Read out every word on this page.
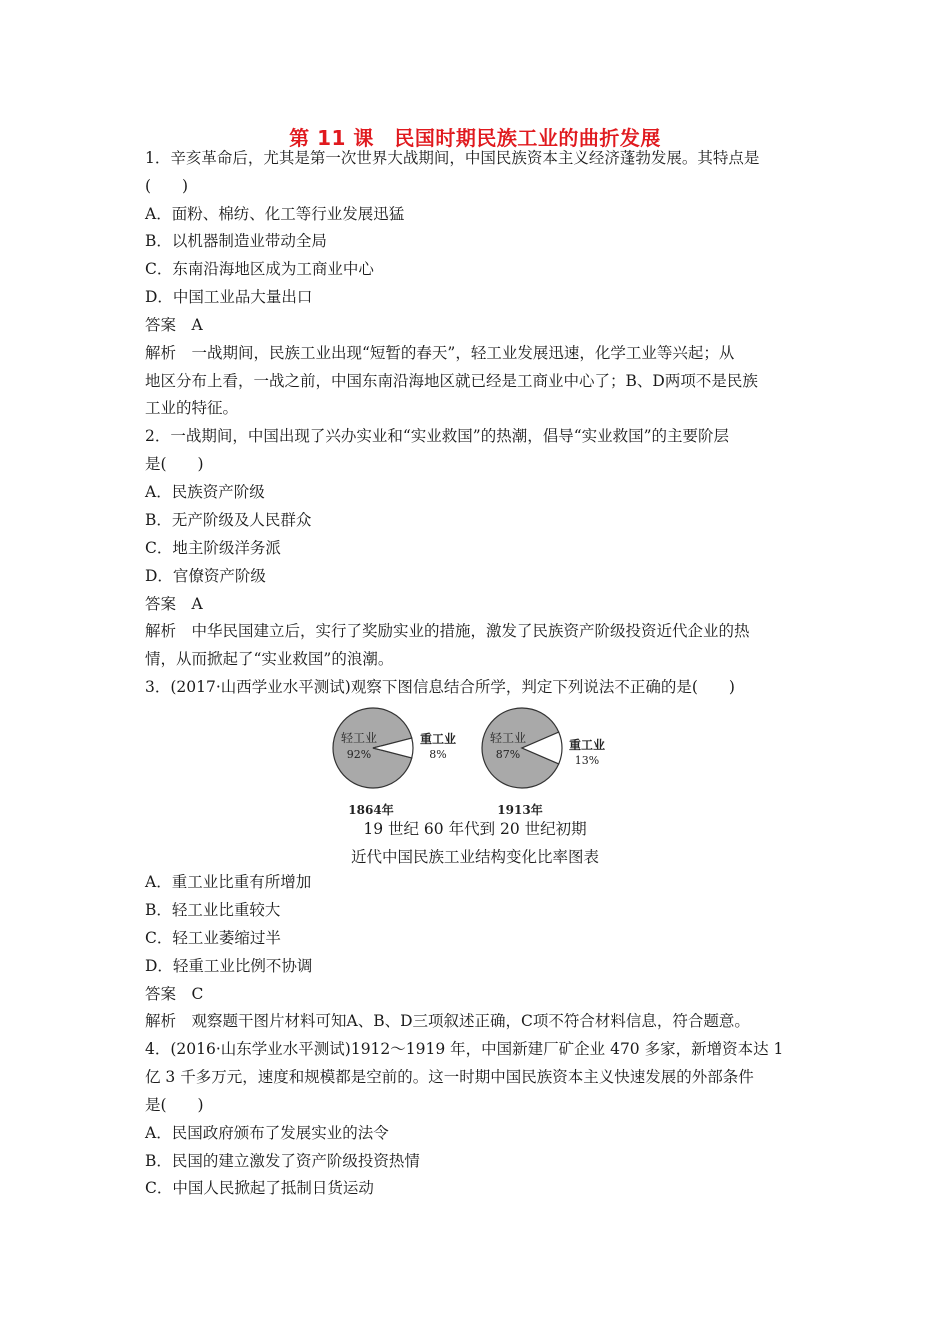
第 11 课　民国时期民族工业的曲折发展
1．辛亥革命后，尤其是第一次世界大战期间，中国民族资本主义经济蓬勃发展。其特点是
(　　)
A．面粉、棉纺、化工等行业发展迅猛
B．以机器制造业带动全局
C．东南沿海地区成为工商业中心
D．中国工业品大量出口
答案　A
解析　一战期间，民族工业出现“短暂的春天”，轻工业发展迅速，化学工业等兴起；从
地区分布上看，一战之前，中国东南沿海地区就已经是工商业中心了；B、D两项不是民族
工业的特征。
2．一战期间，中国出现了兴办实业和“实业救国”的热潮，倡导“实业救国”的主要阶层
是(　　)
A．民族资产阶级
B．无产阶级及人民群众
C．地主阶级洋务派
D．官僚资产阶级
答案　A
解析　中华民国建立后，实行了奖励实业的措施，激发了民族资产阶级投资近代企业的热
情，从而掀起了“实业救国”的浪潮。
3．(2017·山西学业水平测试)观察下图信息结合所学，判定下列说法不正确的是(　　)
轻工业
92%
重工业
8%
1864年
轻工业
87%
重工业
13%
1913年
19 世纪 60 年代到 20 世纪初期
近代中国民族工业结构变化比率图表
A．重工业比重有所增加
B．轻工业比重较大
C．轻工业萎缩过半
D．轻重工业比例不协调
答案　C
解析　观察题干图片材料可知A、B、D三项叙述正确，C项不符合材料信息，符合题意。
4．(2016·山东学业水平测试)1912～1919 年，中国新建厂矿企业 470 多家，新增资本达 1
亿 3 千多万元，速度和规模都是空前的。这一时期中国民族资本主义快速发展的外部条件
是(　　)
A．民国政府颁布了发展实业的法令
B．民国的建立激发了资产阶级投资热情
C．中国人民掀起了抵制日货运动
